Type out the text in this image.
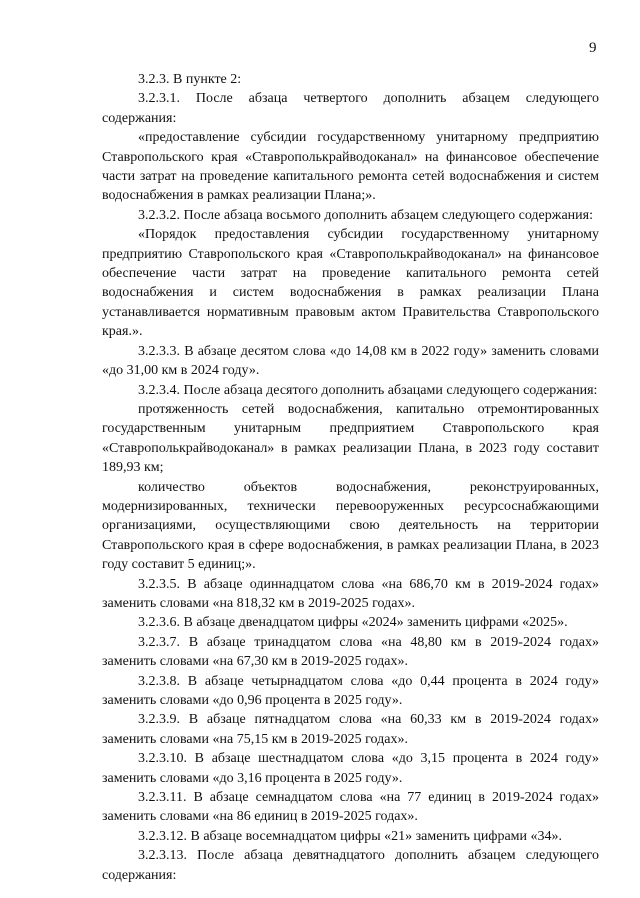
9

3.2.3. В пункте 2:

3.2.3.1. После абзаца четвертого дополнить абзацем следующего содержания:

«предоставление субсидии государственному унитарному предприятию Ставропольского края «Ставрополькрайводоканал» на финансовое обеспечение части затрат на проведение капитального ремонта сетей водоснабжения и систем водоснабжения в рамках реализации Плана;».

3.2.3.2. После абзаца восьмого дополнить абзацем следующего содержания:

«Порядок предоставления субсидии государственному унитарному предприятию Ставропольского края «Ставрополькрайводоканал» на финансовое обеспечение части затрат на проведение капитального ремонта сетей водоснабжения и систем водоснабжения в рамках реализации Плана устанавливается нормативным правовым актом Правительства Ставропольского края.».

3.2.3.3. В абзаце десятом слова «до 14,08 км в 2022 году» заменить словами «до 31,00 км в 2024 году».

3.2.3.4. После абзаца десятого дополнить абзацами следующего содержания:

протяженность сетей водоснабжения, капитально отремонтированных государственным унитарным предприятием Ставропольского края «Ставрополькрайводоканал» в рамках реализации Плана, в 2023 году составит 189,93 км;

количество объектов водоснабжения, реконструированных, модернизированных, технически перевооруженных ресурсоснабжающими организациями, осуществляющими свою деятельность на территории Ставропольского края в сфере водоснабжения, в рамках реализации Плана, в 2023 году составит 5 единиц;».

3.2.3.5. В абзаце одиннадцатом слова «на 686,70 км в 2019-2024 годах» заменить словами «на 818,32 км в 2019-2025 годах».

3.2.3.6. В абзаце двенадцатом цифры «2024» заменить цифрами «2025».

3.2.3.7. В абзаце тринадцатом слова «на 48,80 км в 2019-2024 годах» заменить словами «на 67,30 км в 2019-2025 годах».

3.2.3.8. В абзаце четырнадцатом слова «до 0,44 процента в 2024 году» заменить словами «до 0,96 процента в 2025 году».

3.2.3.9. В абзаце пятнадцатом слова «на 60,33 км в 2019-2024 годах» заменить словами «на 75,15 км в 2019-2025 годах».

3.2.3.10. В абзаце шестнадцатом слова «до 3,15 процента в 2024 году» заменить словами «до 3,16 процента в 2025 году».

3.2.3.11. В абзаце семнадцатом слова «на 77 единиц в 2019-2024 годах» заменить словами «на 86 единиц в 2019-2025 годах».

3.2.3.12. В абзаце восемнадцатом цифры «21» заменить цифрами «34».

3.2.3.13. После абзаца девятнадцатого дополнить абзацем следующего содержания:
